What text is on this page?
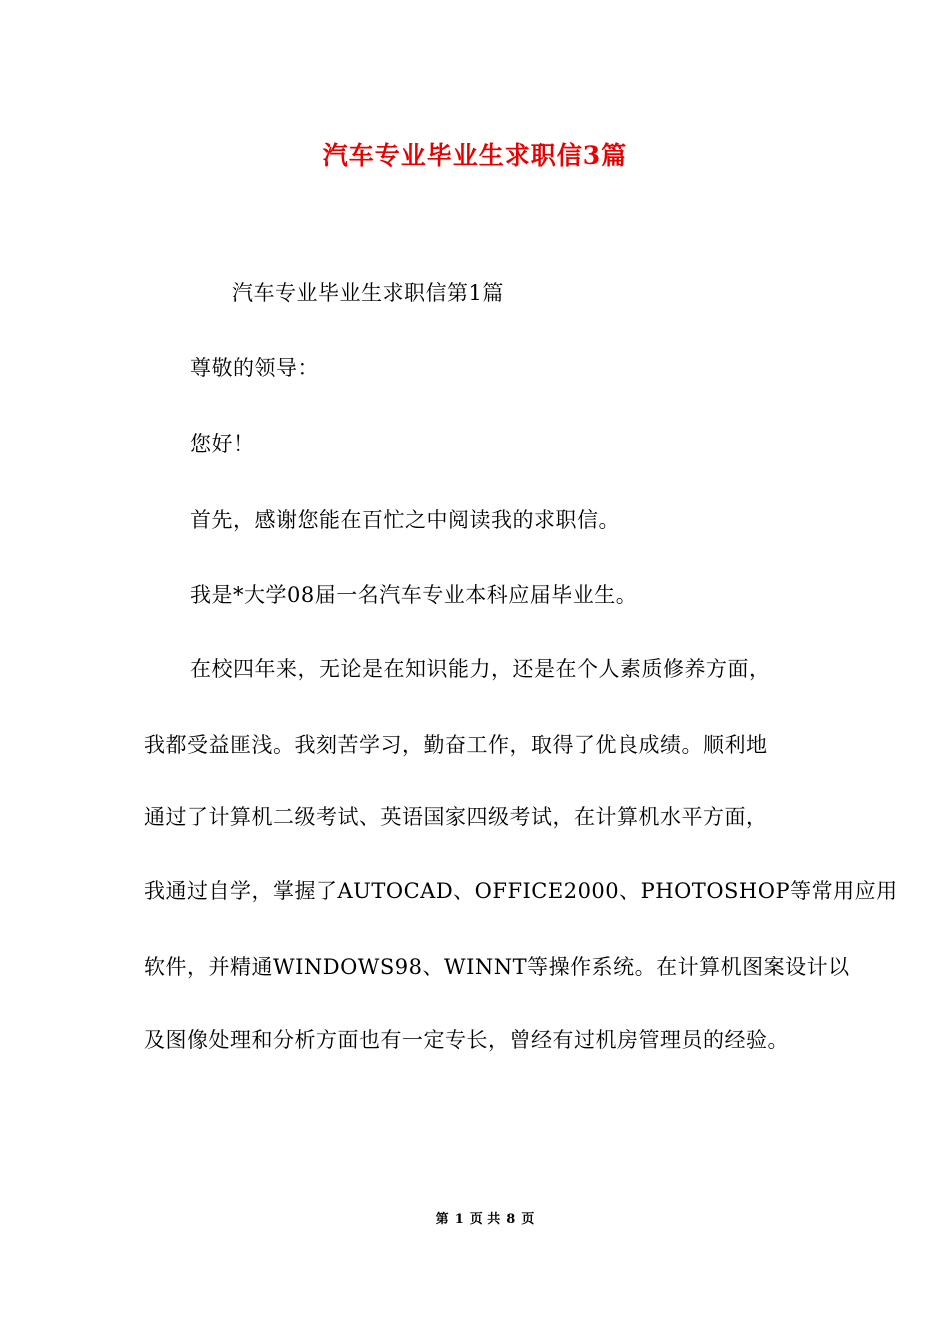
汽车专业毕业生求职信3篇
汽车专业毕业生求职信第1篇
尊敬的领导：
您好！
首先，感谢您能在百忙之中阅读我的求职信。
我是*大学08届一名汽车专业本科应届毕业生。
在校四年来，无论是在知识能力，还是在个人素质修养方面，
我都受益匪浅。我刻苦学习，勤奋工作，取得了优良成绩。顺利地
通过了计算机二级考试、英语国家四级考试，在计算机水平方面，
我通过自学，掌握了AUTOCAD、OFFICE2000、PHOTOSHOP等常用应用
软件，并精通WINDOWS98、WINNT等操作系统。在计算机图案设计以
及图像处理和分析方面也有一定专长，曾经有过机房管理员的经验。
第 1 页 共 8 页
